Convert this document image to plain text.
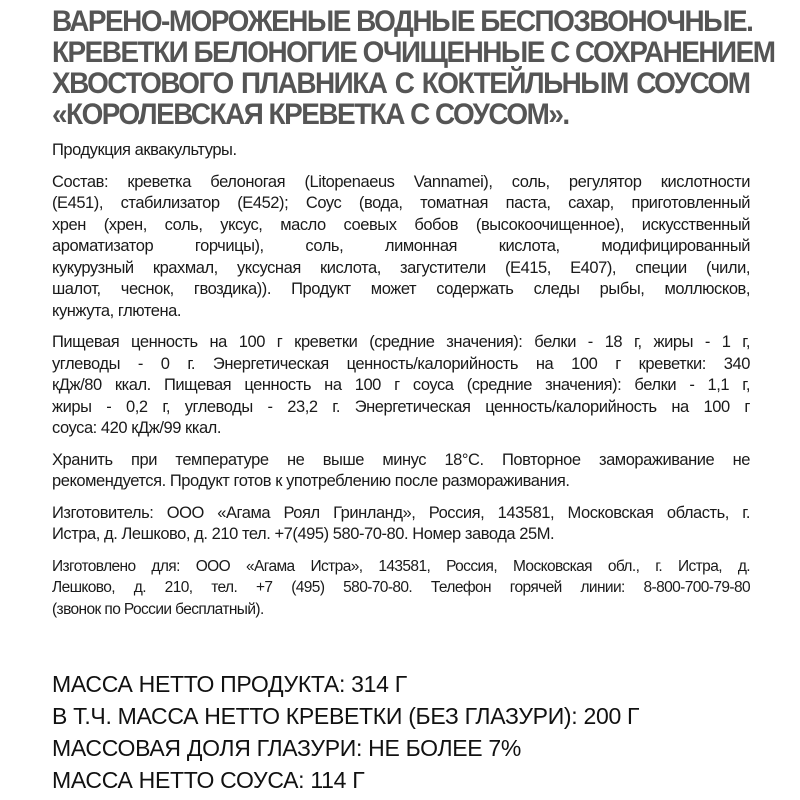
ВАРЕНО-МОРОЖЕНЫЕ ВОДНЫЕ БЕСПОЗВОНОЧНЫЕ.
КРЕВЕТКИ БЕЛОНОГИЕ ОЧИЩЕННЫЕ С СОХРАНЕНИЕМ
ХВОСТОВОГО ПЛАВНИКА С КОКТЕЙЛЬНЫМ СОУСОМ
«КОРОЛЕВСКАЯ КРЕВЕТКА С СОУСОМ».
Продукция аквакультуры.
Состав: креветка белоногая (Litopenaeus Vannamei), соль, регулятор кислотности
(Е451), стабилизатор (Е452); Соус (вода, томатная паста, сахар, приготовленный
хрен (хрен, соль, уксус, масло соевых бобов (высокоочищенное), искусственный
ароматизатор горчицы), соль, лимонная кислота, модифицированный
кукурузный крахмал, уксусная кислота, загустители (Е415, Е407), специи (чили,
шалот, чеснок, гвоздика)). Продукт может содержать следы рыбы, моллюсков,
кунжута, глютена.
Пищевая ценность на 100 г креветки (средние значения): белки - 18 г, жиры - 1 г,
углеводы - 0 г. Энергетическая ценность/калорийность на 100 г креветки: 340
кДж/80 ккал. Пищевая ценность на 100 г соуса (средние значения): белки - 1,1 г,
жиры - 0,2 г, углеводы - 23,2 г. Энергетическая ценность/калорийность на 100 г
соуса: 420 кДж/99 ккал.
Хранить при температуре не выше минус 18°С. Повторное замораживание не
рекомендуется. Продукт готов к употреблению после размораживания.
Изготовитель: ООО «Агама Роял Гринланд», Россия, 143581, Московская область, г.
Истра, д. Лешково, д. 210 тел. +7(495) 580-70-80. Номер завода 25М.
Изготовлено для: ООО «Агама Истра», 143581, Россия, Московская обл., г. Истра, д.
Лешково, д. 210, тел. +7 (495) 580-70-80. Телефон горячей линии: 8-800-700-79-80
(звонок по России бесплатный).
МАССА НЕТТО ПРОДУКТА: 314 Г
В Т.Ч. МАССА НЕТТО КРЕВЕТКИ (БЕЗ ГЛАЗУРИ): 200 Г
МАССОВАЯ ДОЛЯ ГЛАЗУРИ: НЕ БОЛЕЕ 7%
МАССА НЕТТО СОУСА: 114 Г
